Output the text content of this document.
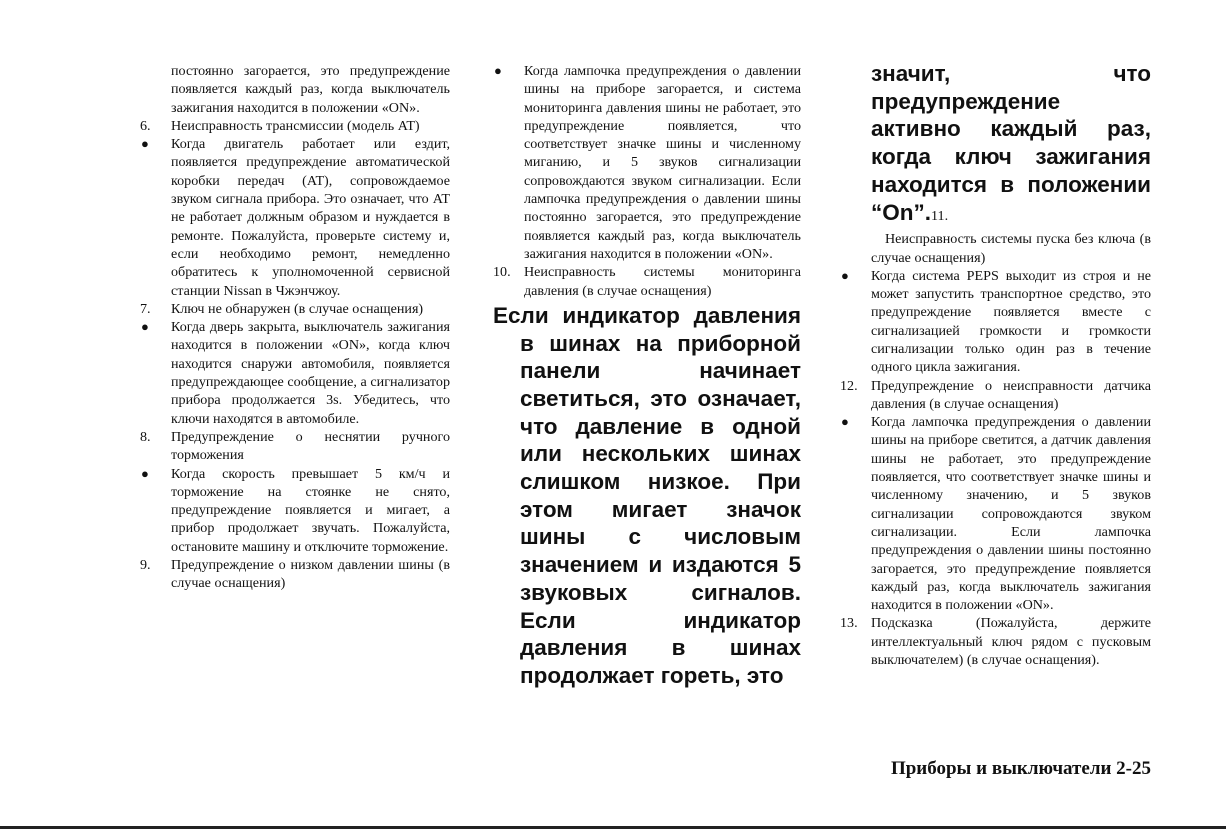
постоянно загорается, это предупреждение появляется каждый раз, когда выключатель зажигания находится в положении «ON».

6.	Неисправность трансмиссии (модель AT)
●	Когда двигатель работает или ездит, появляется предупреждение автоматической коробки передач (AT), сопровождаемое звуком сигнала прибора. Это означает, что AT не работает должным образом и нуждается в ремонте. Пожалуйста, проверьте систему и, если необходимо ремонт, немедленно обратитесь к уполномоченной сервисной станции Nissan в Чжэнчжоу.
7.	Ключ не обнаружен (в случае оснащения)
●	Когда дверь закрыта, выключатель зажигания находится в положении «ON», когда ключ находится снаружи автомобиля, появляется предупреждающее сообщение, а сигнализатор прибора продолжается 3s. Убедитесь, что ключи находятся в автомобиле.
8.	Предупреждение о неснятии ручного торможения
●	Когда скорость превышает 5 км/ч и торможение на стоянке не снято, предупреждение появляется и мигает, а прибор продолжает звучать. Пожалуйста, остановите машину и отключите торможение.
9.	Предупреждение о низком давлении шины (в случае оснащения)
●	Когда лампочка предупреждения о давлении шины на приборе загорается, и система мониторинга давления шины не работает, это предупреждение появляется, что соответствует значке шины и численному миганию, и 5 звуков сигнализации сопровождаются звуком сигнализации. Если лампочка предупреждения о давлении шины постоянно загорается, это предупреждение появляется каждый раз, когда выключатель зажигания находится в положении «ON».
10. Неисправность системы мониторинга давления (в случае оснащения)

Если индикатор давления в шинах на приборной панели начинает светиться, это означает, что давление в одной или нескольких шинах слишком низкое. При этом мигает значок шины с числовым значением и издаются 5 звуковых сигналов. Если индикатор давления в шинах продолжает гореть, это

значит, что предупреждение активно каждый раз, когда ключ зажигания находится в положении “On”.11.

Неисправность системы пуска без ключа (в случае оснащения)

●	Когда система PEPS выходит из строя и не может запустить транспортное средство, это предупреждение появляется вместе с сигнализацией громкости и громкости сигнализации только один раз в течение одного цикла зажигания.
12. Предупреждение о неисправности датчика давления (в случае оснащения)
●	Когда лампочка предупреждения о давлении шины на приборе светится, а датчик давления шины не работает, это предупреждение появляется, что соответствует значке шины и численному значению, и 5 звуков сигнализации сопровождаются звуком сигнализации. Если лампочка предупреждения о давлении шины постоянно загорается, это предупреждение появляется каждый раз, когда выключатель зажигания находится в положении «ON».
13. Подсказка (Пожалуйста, держите интеллектуальный ключ рядом с пусковым выключателем) (в случае оснащения).
Приборы и выключатели 2-25
